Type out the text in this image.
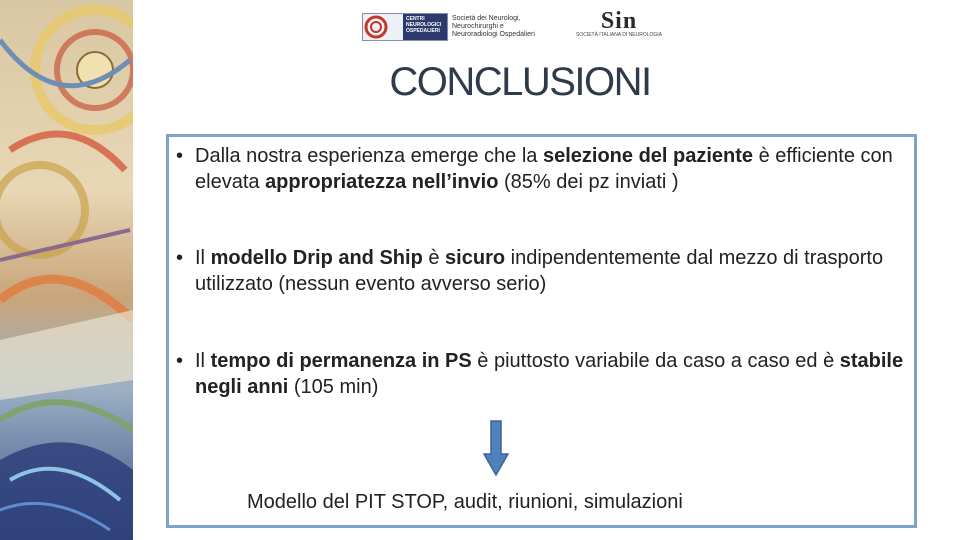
CENTRI NEUROLOGICI OSPEDALIERI
Società dei Neurologi,
Neurochirurghi e
Neuroradiologi Ospedalieri
Sin
SOCIETÀ ITALIANA DI NEUROLOGIA
CONCLUSIONI
• Dalla nostra esperienza emerge che la selezione del paziente è efficiente con elevata appropriatezza nell’invio (85% dei pz inviati )
• Il modello Drip and Ship è sicuro indipendentemente dal mezzo di trasporto utilizzato (nessun evento avverso serio)
• Il tempo di permanenza in PS è piuttosto variabile da caso a caso ed è stabile negli anni (105 min)
Modello del PIT STOP, audit, riunioni, simulazioni
